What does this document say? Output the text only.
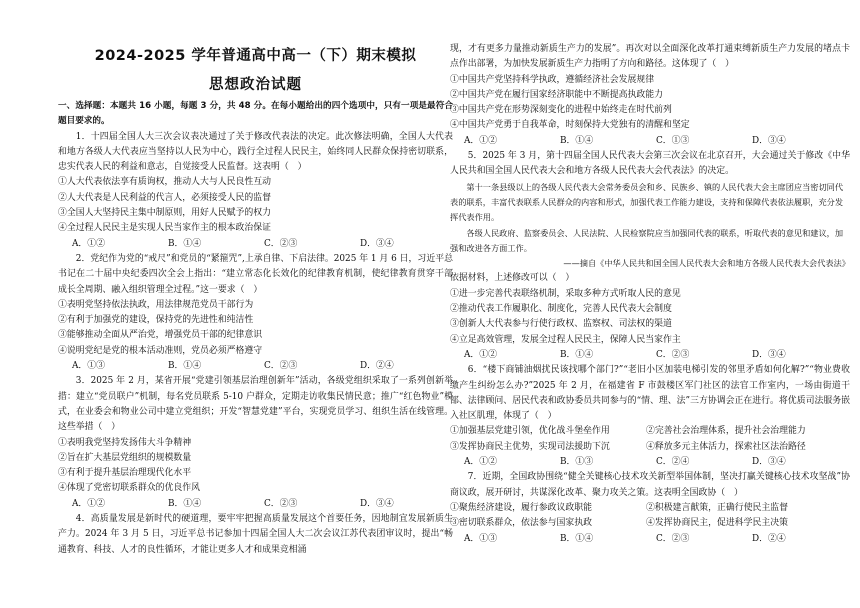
2024-2025 学年普通高中高一（下）期末模拟
思想政治试题

一、选择题：本题共 16 小题，每题 3 分，共 48 分。在每小题给出的四个选项中，只有一项是最符合题目要求的。

1．十四届全国人大三次会议表决通过了关于修改代表法的决定。此次修法明确，全国人大代表和地方各级人大代表应当坚持以人民为中心，践行全过程人民民主，始终同人民群众保持密切联系，忠实代表人民的利益和意志，自觉接受人民监督。这表明（　）

①人大代表依法享有质询权，推动人大与人民良性互动

②人大代表是人民利益的代言人，必须接受人民的监督

③全国人大坚持民主集中制原则，用好人民赋予的权力

④全过程人民民主是实现人民当家作主的根本政治保证

A．①②	B．①④	C．②③	D．③④

2．党纪作为党的“戒尺”和党员的“紧箍咒”,上承自律、下启法律。2025 年 1 月 6 日，习近平总书记在二十届中央纪委四次全会上指出：“建立常态化长效化的纪律教育机制，使纪律教育贯穿干部成长全周期、融入组织管理全过程。”这一要求（　）

①表明党坚持依法执政，用法律规范党员干部行为

②有利于加强党的建设，保持党的先进性和纯洁性

③能够推动全面从严治党，增强党员干部的纪律意识

④说明党纪是党的根本活动准则，党员必须严格遵守

A．①③	B．①④	C．②③	D．②④

3．2025 年 2 月，某省开展“党建引领基层治理创新年”活动，各级党组织采取了一系列创新举措：建立“党员联户”机制，每名党员联系 5-10 户群众，定期走访收集民情民意；推广“红色物业”模式，在业委会和物业公司中建立党组织；开发“智慧党建”平台，实现党员学习、组织生活在线管理。这些举措（　）

①表明我党坚持发扬伟大斗争精神

②旨在扩大基层党组织的规模数量

③有利于提升基层治理现代化水平

④体现了党密切联系群众的优良作风

A．①②	B．①④	C．②③	D．③④

4．高质量发展是新时代的硬道理，要牢牢把握高质量发展这个首要任务，因地制宜发展新质生产力。2024 年 3 月 5 日，习近平总书记参加十四届全国人大二次会议江苏代表团审议时，提出“畅通教育、科技、人才的良性循环，才能让更多人才和成果竞相涌

现，才有更多力量推动新质生产力的发展”。再次对以全面深化改革打通束缚新质生产力发展的堵点卡点作出部署，为加快发展新质生产力指明了方向和路径。这体现了（　）

①中国共产党坚持科学执政，遵循经济社会发展规律

②中国共产党在履行国家经济职能中不断提高执政能力

③中国共产党在形势深刻变化的进程中始终走在时代前列

④中国共产党勇于自我革命，时刻保持大党独有的清醒和坚定

A．①②	B．①④	C．①③	D．③④

5．2025 年 3 月，第十四届全国人民代表大会第三次会议在北京召开，大会通过关于修改《中华人民共和国全国人民代表大会和地方各级人民代表大会代表法》的决定。

第十一条县级以上的各级人民代表大会常务委员会和乡、民族乡、镇的人民代表大会主席团应当密切同代表的联系，丰富代表联系人民群众的内容和形式，加强代表工作能力建设，支持和保障代表依法履职，充分发挥代表作用。

各级人民政府、监察委员会、人民法院、人民检察院应当加强同代表的联系，听取代表的意见和建议，加强和改进各方面工作。

——摘自《中华人民共和国全国人民代表大会和地方各级人民代表大会代表法》

依据材料，上述修改可以（　）

①进一步完善代表联络机制，采取多种方式听取人民的意见

②推动代表工作履职化、制度化，完善人民代表大会制度

③创新人大代表参与行使行政权、监察权、司法权的渠道

④立足高效管理，发展全过程人民民主，保障人民当家作主

A．①②	B．①④	C．②③	D．③④

6．“楼下商铺油烟扰民该找哪个部门?”“老旧小区加装电梯引发的邻里矛盾如何化解?”“物业费收缴产生纠纷怎么办?”2025 年 2 月，在福建省 F 市鼓楼区军门社区的法官工作室内，一场由街道干部、法律顾问、居民代表和政协委员共同参与的“情、理、法”三方协调会正在进行。将优质司法服务嵌入社区肌理，体现了（　）

①加强基层党建引领，优化战斗堡垒作用	②完善社会治理体系，提升社会治理能力

③发挥协商民主优势，实现司法援助下沉	④释放多元主体活力，探索社区法治路径

A．①②	B．①③	C．②④	D．③④

7．近期，全国政协围绕“健全关键核心技术攻关新型举国体制，坚决打赢关键核心技术攻坚战”协商议政，展开研讨，共谋深化改革、聚力攻关之策。这表明全国政协（　）

①聚焦经济建设，履行参政议政职能	②积极建言献策，正确行使民主监督

③密切联系群众，依法参与国家执政	④发挥协商民主，促进科学民主决策

A．①③	B．①④	C．②③	D．②④
